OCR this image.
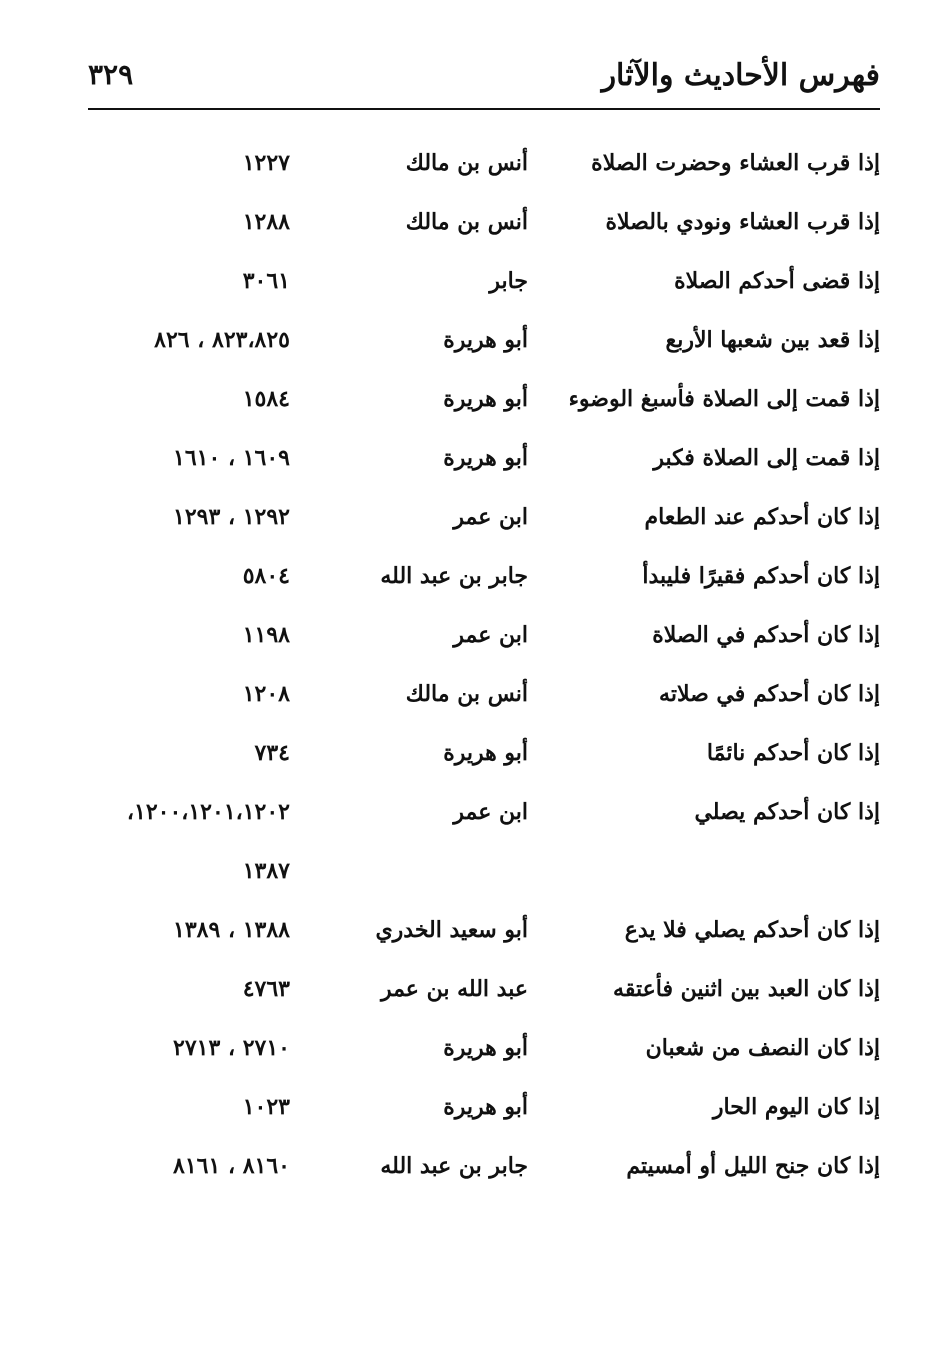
فهرس الأحاديث والآثار
٣٢٩
إذا قرب العشاء وحضرت الصلاة
أنس بن مالك
١٢٢٧
إذا قرب العشاء ونودي بالصلاة
أنس بن مالك
١٢٨٨
إذا قضى أحدكم الصلاة
جابر
٣٠٦١
إذا قعد بين شعبها الأربع
أبو هريرة
٨٢٣،٨٢٥ ، ٨٢٦
إذا قمت إلى الصلاة فأسبغ الوضوء
أبو هريرة
١٥٨٤
إذا قمت إلى الصلاة فكبر
أبو هريرة
١٦٠٩ ، ١٦١٠
إذا كان أحدكم عند الطعام
ابن عمر
١٢٩٢ ، ١٢٩٣
إذا كان أحدكم فقيرًا فليبدأ
جابر بن عبد الله
٥٨٠٤
إذا كان أحدكم في الصلاة
ابن عمر
١١٩٨
إذا كان أحدكم في صلاته
أنس بن مالك
١٢٠٨
إذا كان أحدكم نائمًا
أبو هريرة
٧٣٤
إذا كان أحدكم يصلي
ابن عمر
١٢٠٠،١٢٠١،١٢٠٢،
١٣٨٧
إذا كان أحدكم يصلي فلا يدع
أبو سعيد الخدري
١٣٨٨ ، ١٣٨٩
إذا كان العبد بين اثنين فأعتقه
عبد الله بن عمر
٤٧٦٣
إذا كان النصف من شعبان
أبو هريرة
٢٧١٠ ، ٢٧١٣
إذا كان اليوم الحار
أبو هريرة
١٠٢٣
إذا كان جنح الليل أو أمسيتم
جابر بن عبد الله
٨١٦٠ ، ٨١٦١
